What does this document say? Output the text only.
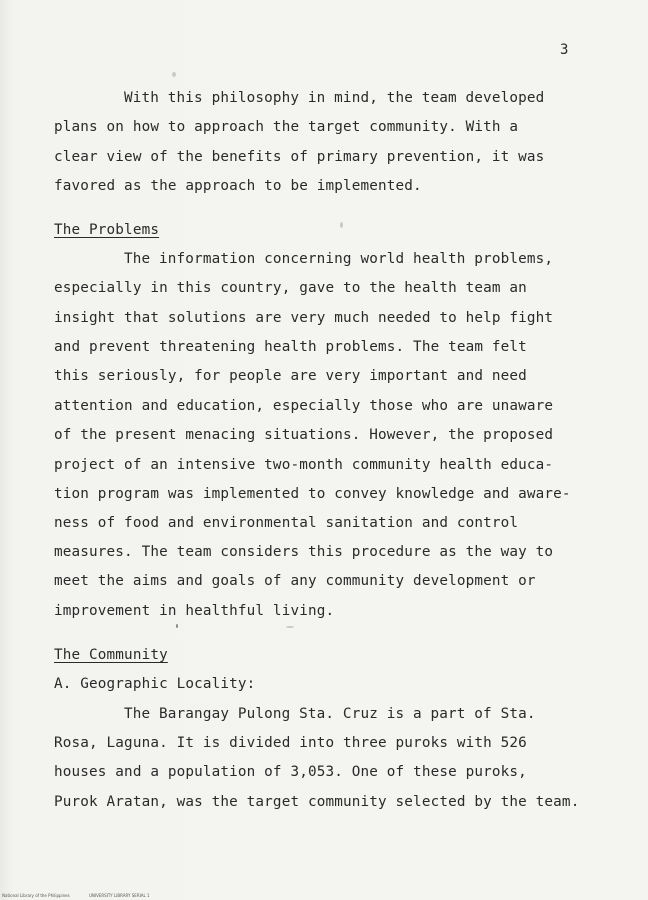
3
With this philosophy in mind, the team developed
plans on how to approach the target community. With a
clear view of the benefits of primary prevention, it was
favored as the approach to be implemented.
The Problems
The information concerning world health problems,
especially in this country, gave to the health team an
insight that solutions are very much needed to help fight
and prevent threatening health problems. The team felt
this seriously, for people are very important and need
attention and education, especially those who are unaware
of the present menacing situations. However, the proposed
project of an intensive two-month community health educa-
tion program was implemented to convey knowledge and aware-
ness of food and environmental sanitation and control
measures. The team considers this procedure as the way to
meet the aims and goals of any community development or
improvement in healthful living.
The Community
A. Geographic Locality:
The Barangay Pulong Sta. Cruz is a part of Sta.
Rosa, Laguna. It is divided into three puroks with 526
houses and a population of 3,053. One of these puroks,
Purok Aratan, was the target community selected by the team.
National Library of the Philippines	UNIVERSITY LIBRARY SERIAL 1
